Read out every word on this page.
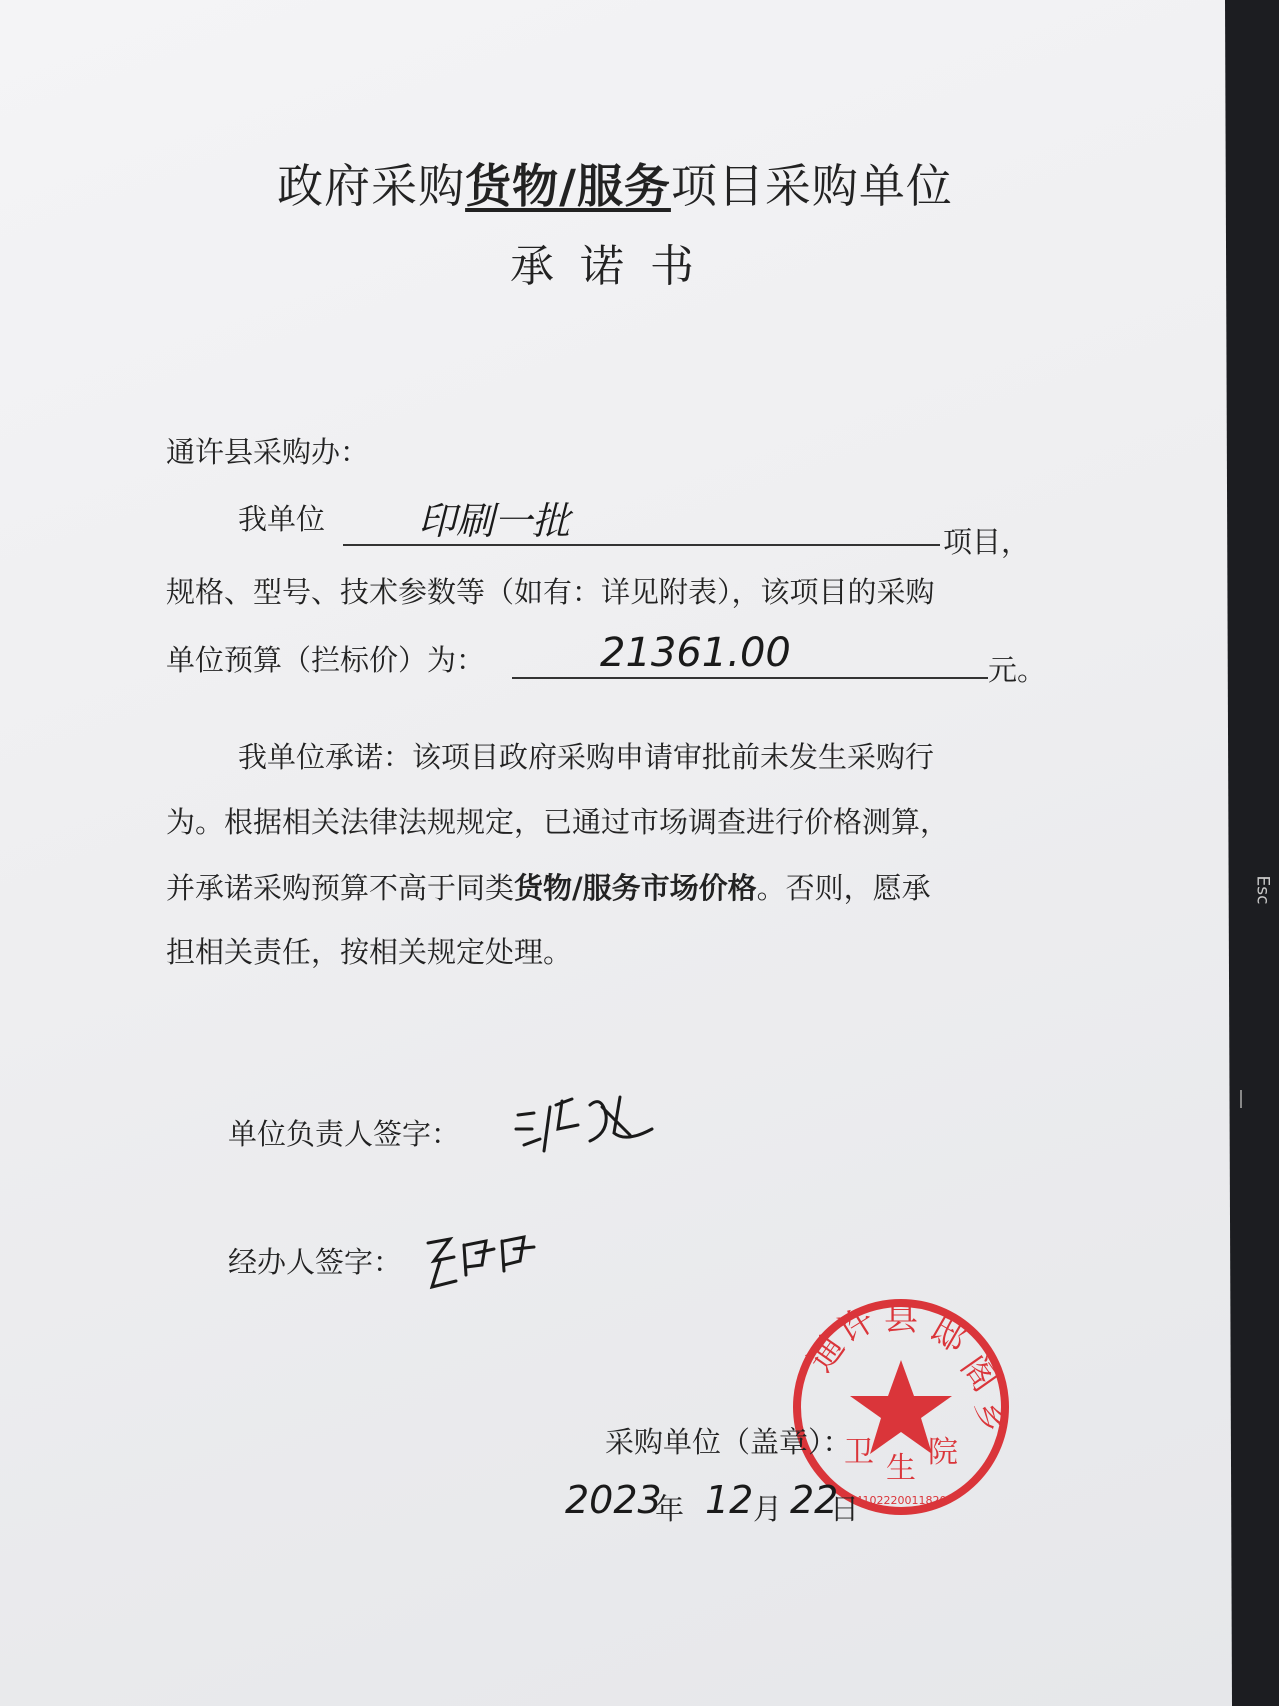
Esc
政府采购货物/服务项目采购单位
承诺书
通许县采购办：
我单位 印刷一批	项目，
规格、型号、技术参数等（如有：详见附表），该项目的采购
单位预算（拦标价）为：	21361.00	元。
我单位承诺：该项目政府采购申请审批前未发生采购行
为。根据相关法律法规规定，已通过市场调查进行价格测算，
并承诺采购预算不高于同类货物/服务市场价格。否则，愿承
担相关责任，按相关规定处理。
单位负责人签字：
经办人签字：
通
许 县 邸
阁
乡
卫 生 院
4102220011820
采购单位（盖章）：
2023
年 12 月 22
日
